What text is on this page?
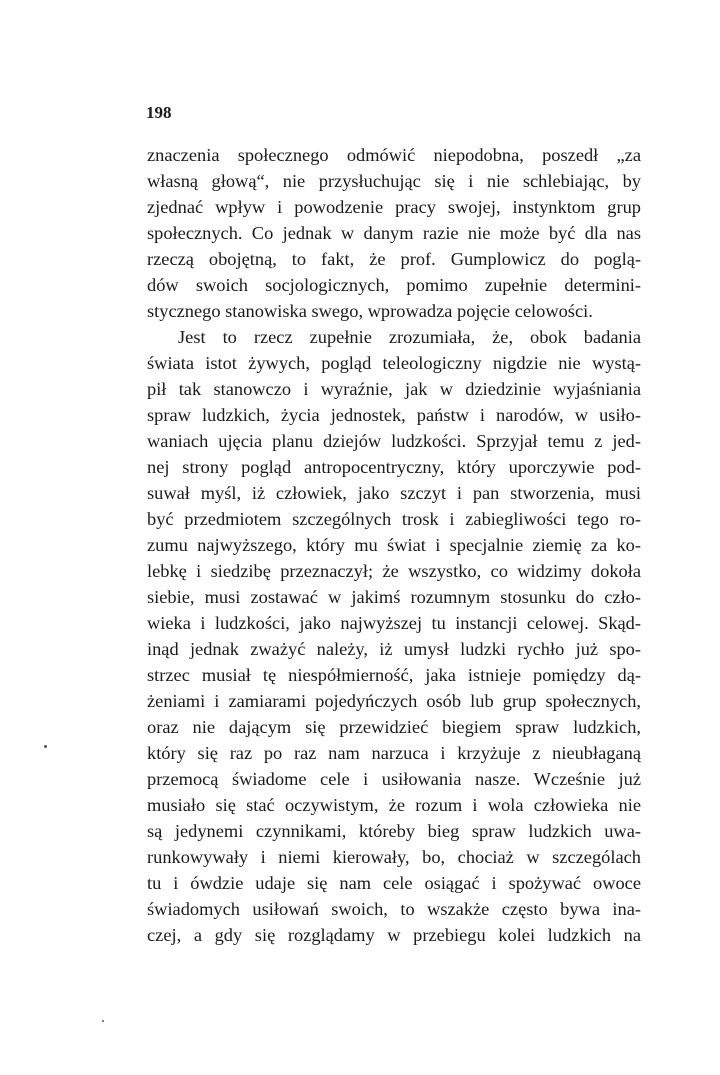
198
znaczenia społecznego odmówić niepodobna, poszedł „za
własną głową“, nie przysłuchując się i nie schlebiając, by
zjednać wpływ i powodzenie pracy swojej, instynktom grup
społecznych. Co jednak w danym razie nie może być dla nas
rzeczą obojętną, to fakt, że prof. Gumplowicz do poglą-
dów swoich socjologicznych, pomimo zupełnie determini-
stycznego stanowiska swego, wprowadza pojęcie celowości.
Jest to rzecz zupełnie zrozumiała, że, obok badania
świata istot żywych, pogląd teleologiczny nigdzie nie wystą-
pił tak stanowczo i wyraźnie, jak w dziedzinie wyjaśniania
spraw ludzkich, życia jednostek, państw i narodów, w usiło-
waniach ujęcia planu dziejów ludzkości. Sprzyjał temu z jed-
nej strony pogląd antropocentryczny, który uporczywie pod-
suwał myśl, iż człowiek, jako szczyt i pan stworzenia, musi
być przedmiotem szczególnych trosk i zabiegliwości tego ro-
zumu najwyższego, który mu świat i specjalnie ziemię za ko-
lebkę i siedzibę przeznaczył; że wszystko, co widzimy dokoła
siebie, musi zostawać w jakimś rozumnym stosunku do czło-
wieka i ludzkości, jako najwyższej tu instancji celowej. Skąd-
inąd jednak zważyć należy, iż umysł ludzki rychło już spo-
strzec musiał tę niespółmierność, jaka istnieje pomiędzy dą-
żeniami i zamiarami pojedyńczych osób lub grup społecznych,
oraz nie dającym się przewidzieć biegiem spraw ludzkich,
który się raz po raz nam narzuca i krzyżuje z nieubłaganą
przemocą świadome cele i usiłowania nasze. Wcześnie już
musiało się stać oczywistym, że rozum i wola człowieka nie
są jedynemi czynnikami, któreby bieg spraw ludzkich uwa-
runkowywały i niemi kierowały, bo, chociaż w szczególach
tu i ówdzie udaje się nam cele osiągać i spożywać owoce
świadomych usiłowań swoich, to wszakże często bywa ina-
czej, a gdy się rozglądamy w przebiegu kolei ludzkich na
